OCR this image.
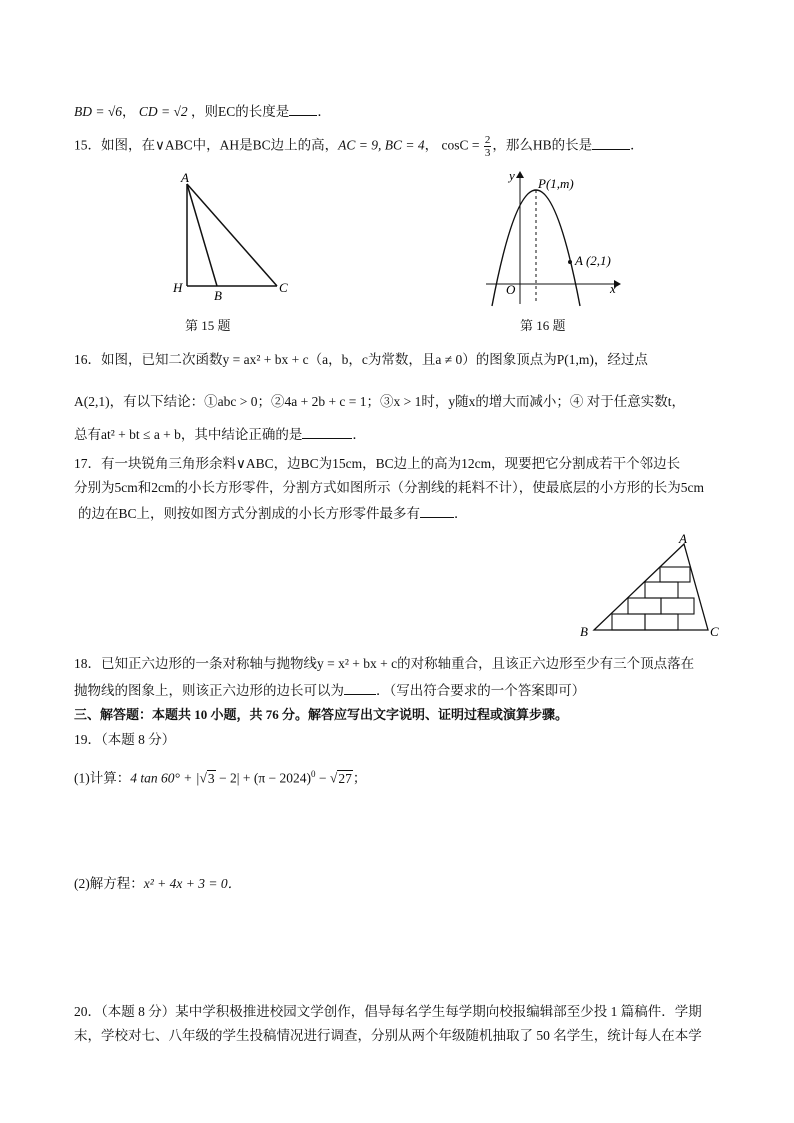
BD = √6， CD = √2 ，则EC的长度是 ．
15．如图，在∨ABC中，AH是BC边上的高，AC = 9, BC = 4， $\cos C = \frac{2}{3}$ ，那么HB的长是	．
A
H
B
C
第 15 题
y
x
O
P(1,m)
A (2,1)
第 16 题
16．如图，已知二次函数y = ax² + bx + c（a，b，c为常数，且a ≠ 0）的图象顶点为P(1,m)，经过点
A(2,1)，有以下结论：①abc > 0；②4a + 2b + c = 1；③x > 1时，y随x的增大而减小；④ 对于任意实数t，
总有at² + bt ≤ a + b，其中结论正确的是	．
17．有一块锐角三角形余料∨ABC，边BC为15cm，BC边上的高为12cm，现要把它分割成若干个邻边长
分别为5cm和2cm的小长方形零件，分割方式如图所示（分割线的耗料不计），使最底层的小方形的长为5cm
的边在BC上，则按如图方式分割成的小长方形零件最多有	．
A
B	C
18．已知正六边形的一条对称轴与抛物线y = x² + bx + c的对称轴重合，且该正六边形至少有三个顶点落在
抛物线的图象上，则该正六边形的边长可以为 ．（写出符合要求的一个答案即可）
三、解答题：本题共 10 小题，共 76 分。解答应写出文字说明、证明过程或演算步骤。
19．（本题 8 分）
(1)计算：4 $\tan 60^\circ + |√3 - 2| + (\pi - 2024)^0 - √27$；
(2)解方程：x² + 4x + 3 = 0．
20．（本题 8 分）某中学积极推进校园文学创作，倡导每名学生每学期向校报编辑部至少投 1 篇稿件．学期
末，学校对七、八年级的学生投稿情况进行调查，分别从两个年级随机抽取了 50 名学生，统计每人在本学
